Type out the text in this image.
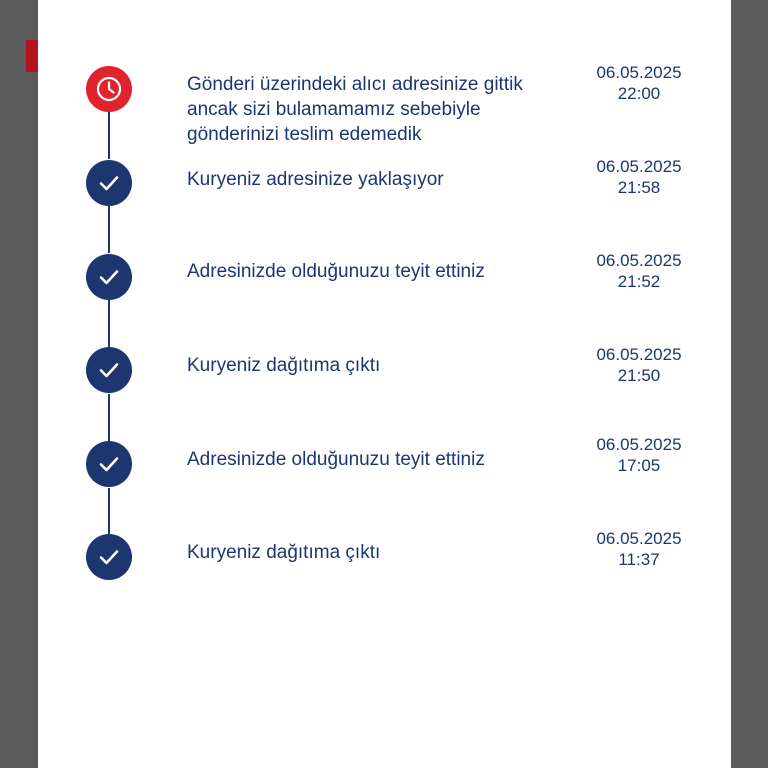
Gönderi üzerindeki alıcı adresinize gittik ancak sizi bulamamamız sebebiyle gönderinizi teslim edemedik
06.05.2025
22:00
Kuryeniz adresinize yaklaşıyor
06.05.2025
21:58
Adresinizde olduğunuzu teyit ettiniz
06.05.2025
21:52
Kuryeniz dağıtıma çıktı
06.05.2025
21:50
Adresinizde olduğunuzu teyit ettiniz
06.05.2025
17:05
Kuryeniz dağıtıma çıktı
06.05.2025
11:37
